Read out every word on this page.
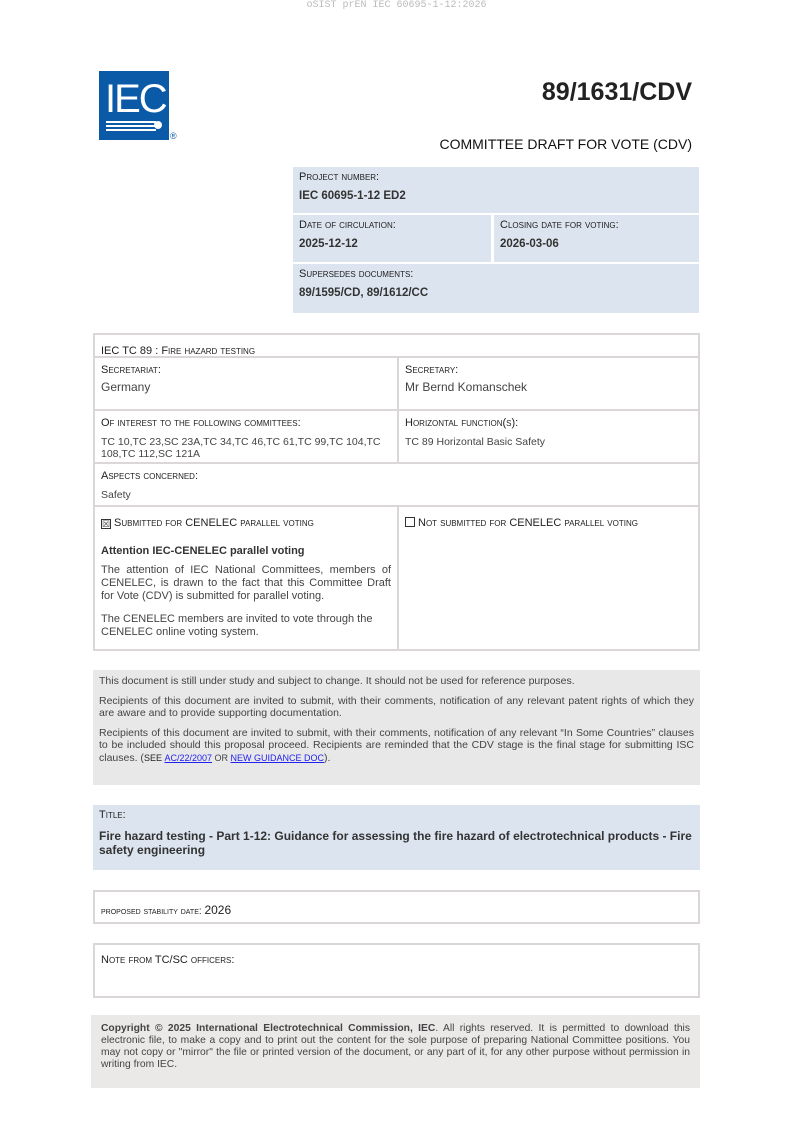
oSIST prEN IEC 60695-1-12:2026
IEC
®
89/1631/CDV
COMMITTEE DRAFT FOR VOTE (CDV)
Project number:
IEC 60695-1-12 ED2
Date of circulation:
2025-12-12
Closing date for voting:
2026-03-06
Supersedes documents:
89/1595/CD, 89/1612/CC
IEC TC 89 : Fire hazard testing
Secretariat:
Germany
Secretary:
Mr Bernd Komanschek
Of interest to the following committees:
TC 10,TC 23,SC 23A,TC 34,TC 46,TC 61,TC 99,TC 104,TC 108,TC 112,SC 121A
Horizontal function(s):
TC 89 Horizontal Basic Safety
Aspects concerned:
Safety
☒ Submitted for CENELEC parallel voting
Attention IEC-CENELEC parallel voting
The attention of IEC National Committees, members of CENELEC, is drawn to the fact that this Committee Draft for Vote (CDV) is submitted for parallel voting.
The CENELEC members are invited to vote through the CENELEC online voting system.
Not submitted for CENELEC parallel voting

This document is still under study and subject to change. It should not be used for reference purposes.

Recipients of this document are invited to submit, with their comments, notification of any relevant patent rights of which they are aware and to provide supporting documentation.

Recipients of this document are invited to submit, with their comments, notification of any relevant “In Some Countries” clauses to be included should this proposal proceed. Recipients are reminded that the CDV stage is the final stage for submitting ISC clauses. (SEE AC/22/2007 OR NEW GUIDANCE DOC).

Title:
Fire hazard testing - Part 1-12: Guidance for assessing the fire hazard of electrotechnical products - Fire safety engineering
proposed stability date: 2026
Note from TC/SC officers:
Copyright © 2025 International Electrotechnical Commission, IEC. All rights reserved. It is permitted to download this electronic file, to make a copy and to print out the content for the sole purpose of preparing National Committee positions. You may not copy or "mirror" the file or printed version of the document, or any part of it, for any other purpose without permission in writing from IEC.
